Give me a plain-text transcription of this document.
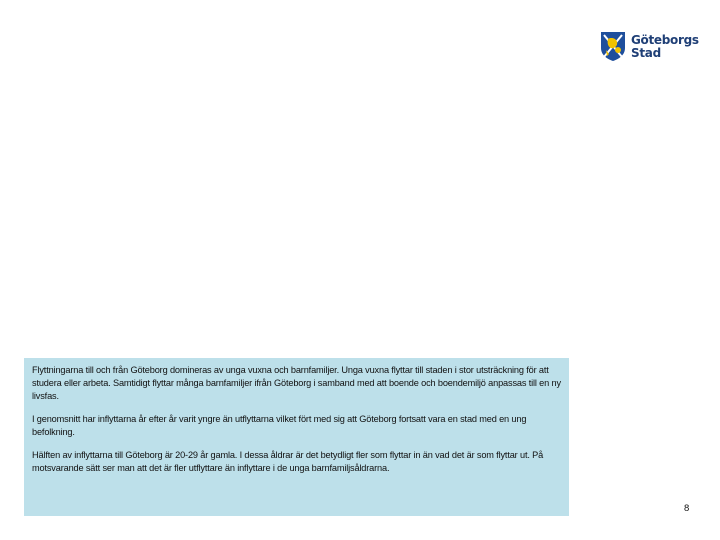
Göteborgs
Stad

Flyttningarna till och från Göteborg domineras av unga vuxna och barnfamiljer. Unga vuxna flyttar till staden i stor utsträckning för att studera eller arbeta. Samtidigt flyttar många barnfamiljer ifrån Göteborg i samband med att boende och boendemiljö anpassas till en ny livsfas.

I genomsnitt har inflyttarna år efter år varit yngre än utflyttarna vilket fört med sig att Göteborg fortsatt vara en stad med en ung befolkning.

Hälften av inflyttarna till Göteborg är 20-29 år gamla. I dessa åldrar är det betydligt fler som flyttar in än vad det är som flyttar ut. På motsvarande sätt ser man att det är fler utflyttare än inflyttare i de unga barnfamiljsåldrarna.

8
